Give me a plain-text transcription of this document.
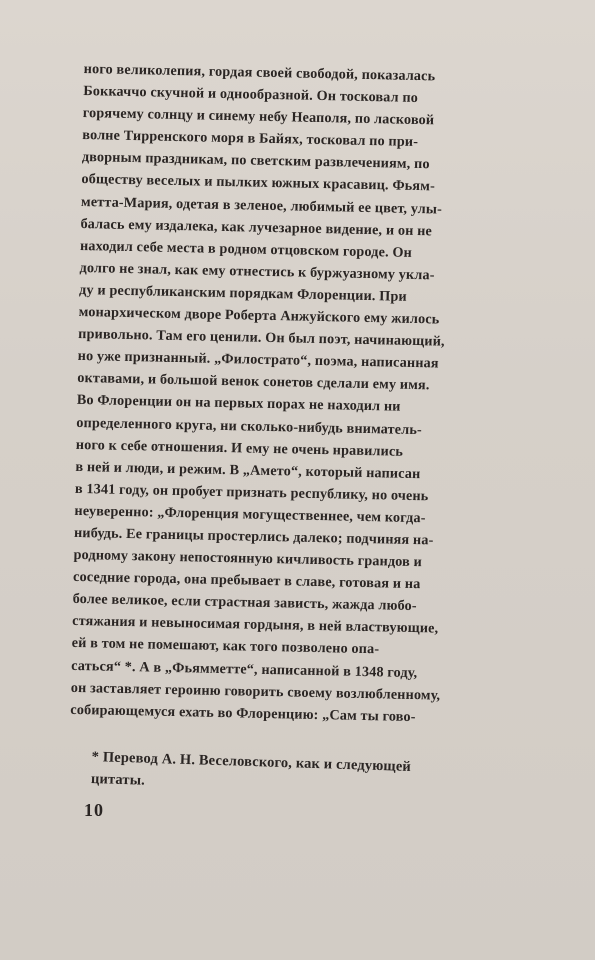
ного великолепия, гордая своей свободой, показалась
Боккаччо скучной и однообразной. Он тосковал по
горячему солнцу и синему небу Неаполя, по ласковой
волне Тирренского моря в Байях, тосковал по при-
дворным праздникам, по светским развлечениям, по
обществу веселых и пылких южных красавиц. Фьям-
метта-Мария, одетая в зеленое, любимый ее цвет, улы-
балась ему издалека, как лучезарное видение, и он не
находил себе места в родном отцовском городе. Он
долго не знал, как ему отнестись к буржуазному укла-
ду и республиканским порядкам Флоренции. При
монархическом дворе Роберта Анжуйского ему жилось
привольно. Там его ценили. Он был поэт, начинающий,
но уже признанный. „Филострато“, поэма, написанная
октавами, и большой венок сонетов сделали ему имя.
Во Флоренции он на первых порах не находил ни
определенного круга, ни сколько-нибудь вниматель-
ного к себе отношения. И ему не очень нравились
в ней и люди, и режим. В „Амето“, который написан
в 1341 году, он пробует признать республику, но очень
неуверенно: „Флоренция могущественнее, чем когда-
нибудь. Ее границы простерлись далеко; подчиняя на-
родному закону непостоянную кичливость грандов и
соседние города, она пребывает в славе, готовая и на
более великое, если страстная зависть, жажда любо-
стяжания и невыносимая гордыня, в ней властвующие,
ей в том не помешают, как того позволено опа-
саться“ *. А в „Фьямметте“, написанной в 1348 году,
он заставляет героиню говорить своему возлюбленному,
собирающемуся ехать во Флоренцию: „Сам ты гово-
* Перевод А. Н. Веселовского, как и следующей
цитаты.
10
